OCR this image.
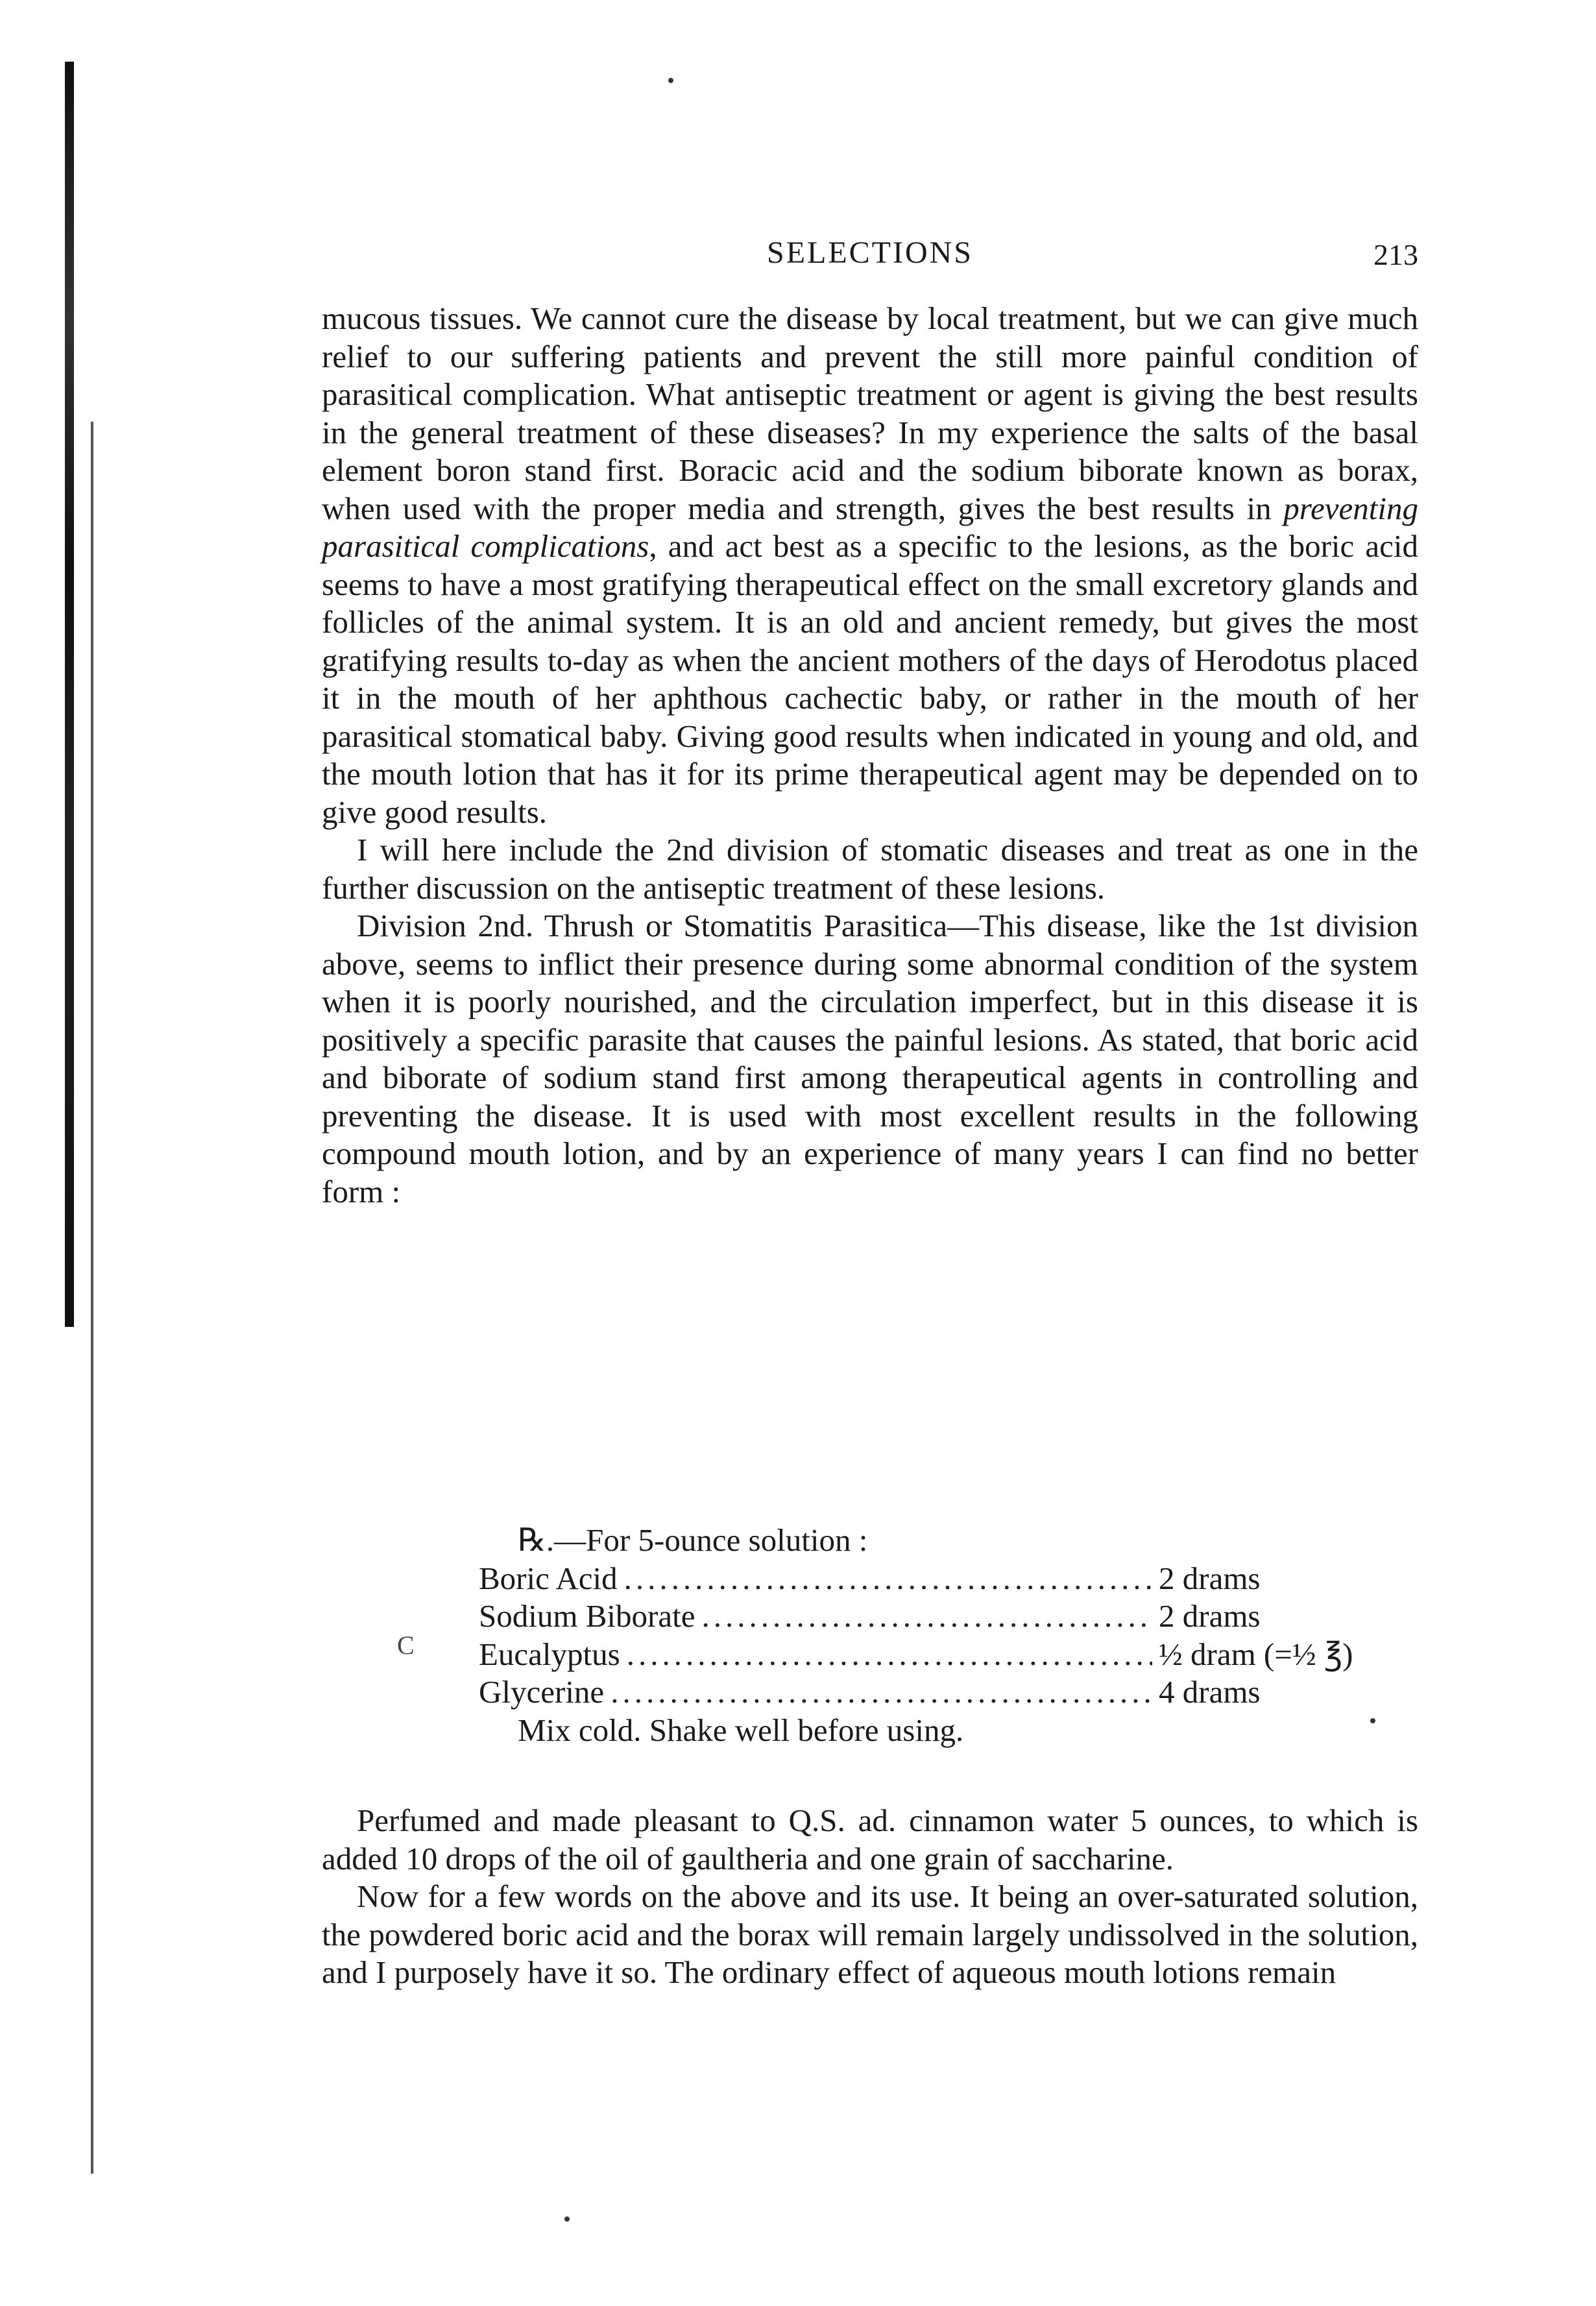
SELECTIONS	213

mucous tissues. We cannot cure the disease by local treatment, but we can give much relief to our suffering patients and prevent the still more painful condition of parasitical complication. What antiseptic treatment or agent is giving the best results in the general treatment of these diseases? In my experience the salts of the basal element boron stand first. Boracic acid and the sodium biborate known as borax, when used with the proper media and strength, gives the best results in preventing parasitical complications, and act best as a specific to the lesions, as the boric acid seems to have a most gratifying therapeutical effect on the small excretory glands and follicles of the animal system. It is an old and ancient remedy, but gives the most gratifying results to-day as when the ancient mothers of the days of Herodotus placed it in the mouth of her aphthous cachectic baby, or rather in the mouth of her parasitical stomatical baby. Giving good results when indicated in young and old, and the mouth lotion that has it for its prime therapeutical agent may be depended on to give good results.

I will here include the 2nd division of stomatic diseases and treat as one in the further discussion on the antiseptic treatment of these lesions.

Division 2nd. Thrush or Stomatitis Parasitica—This disease, like the 1st division above, seems to inflict their presence during some abnormal condition of the system when it is poorly nourished, and the circulation imperfect, but in this disease it is positively a specific parasite that causes the painful lesions. As stated, that boric acid and biborate of sodium stand first among therapeutical agents in controlling and preventing the disease. It is used with most excellent results in the following compound mouth lotion, and by an experience of many years I can find no better form :

℞.—For 5-ounce solution :
Boric Acid .....	2 drams
Sodium Biborate .....	2 drams
Eucalyptus .....	½ dram (=½ ℥)
Glycerine .....	4 drams
Mix cold. Shake well before using.
C

Perfumed and made pleasant to Q.S. ad. cinnamon water 5 ounces, to which is added 10 drops of the oil of gaultheria and one grain of saccharine.

Now for a few words on the above and its use. It being an over-saturated solution, the powdered boric acid and the borax will remain largely undissolved in the solution, and I purposely have it so. The ordinary effect of aqueous mouth lotions remain
